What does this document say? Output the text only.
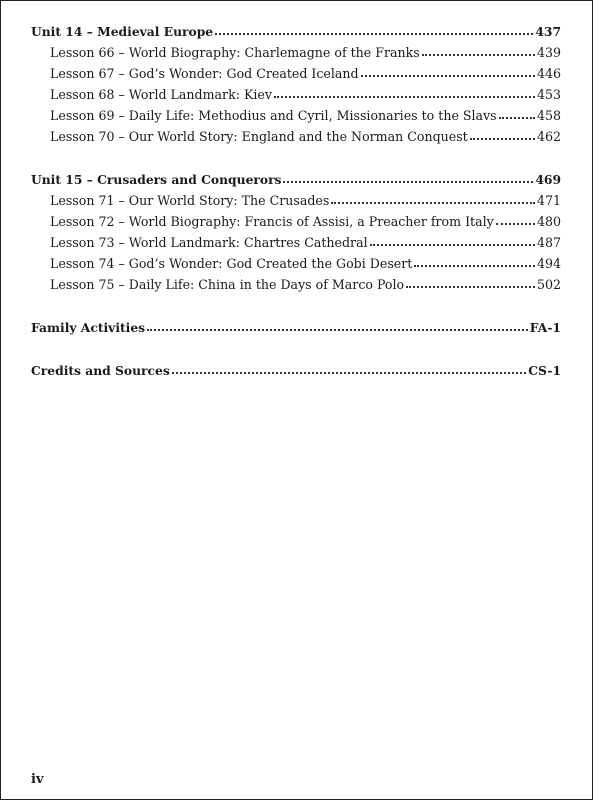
Unit 14 – Medieval Europe	437
Lesson 66 – World Biography: Charlemagne of the Franks	439
Lesson 67 – God’s Wonder: God Created Iceland	446
Lesson 68 – World Landmark: Kiev	453
Lesson 69 – Daily Life: Methodius and Cyril, Missionaries to the Slavs	458
Lesson 70 – Our World Story: England and the Norman Conquest	462
Unit 15 – Crusaders and Conquerors	469
Lesson 71 – Our World Story: The Crusades	471
Lesson 72 – World Biography: Francis of Assisi, a Preacher from Italy	480
Lesson 73 – World Landmark: Chartres Cathedral	487
Lesson 74 – God’s Wonder: God Created the Gobi Desert	494
Lesson 75 – Daily Life: China in the Days of Marco Polo	502
Family Activities	FA-1
Credits and Sources	CS-1
iv
